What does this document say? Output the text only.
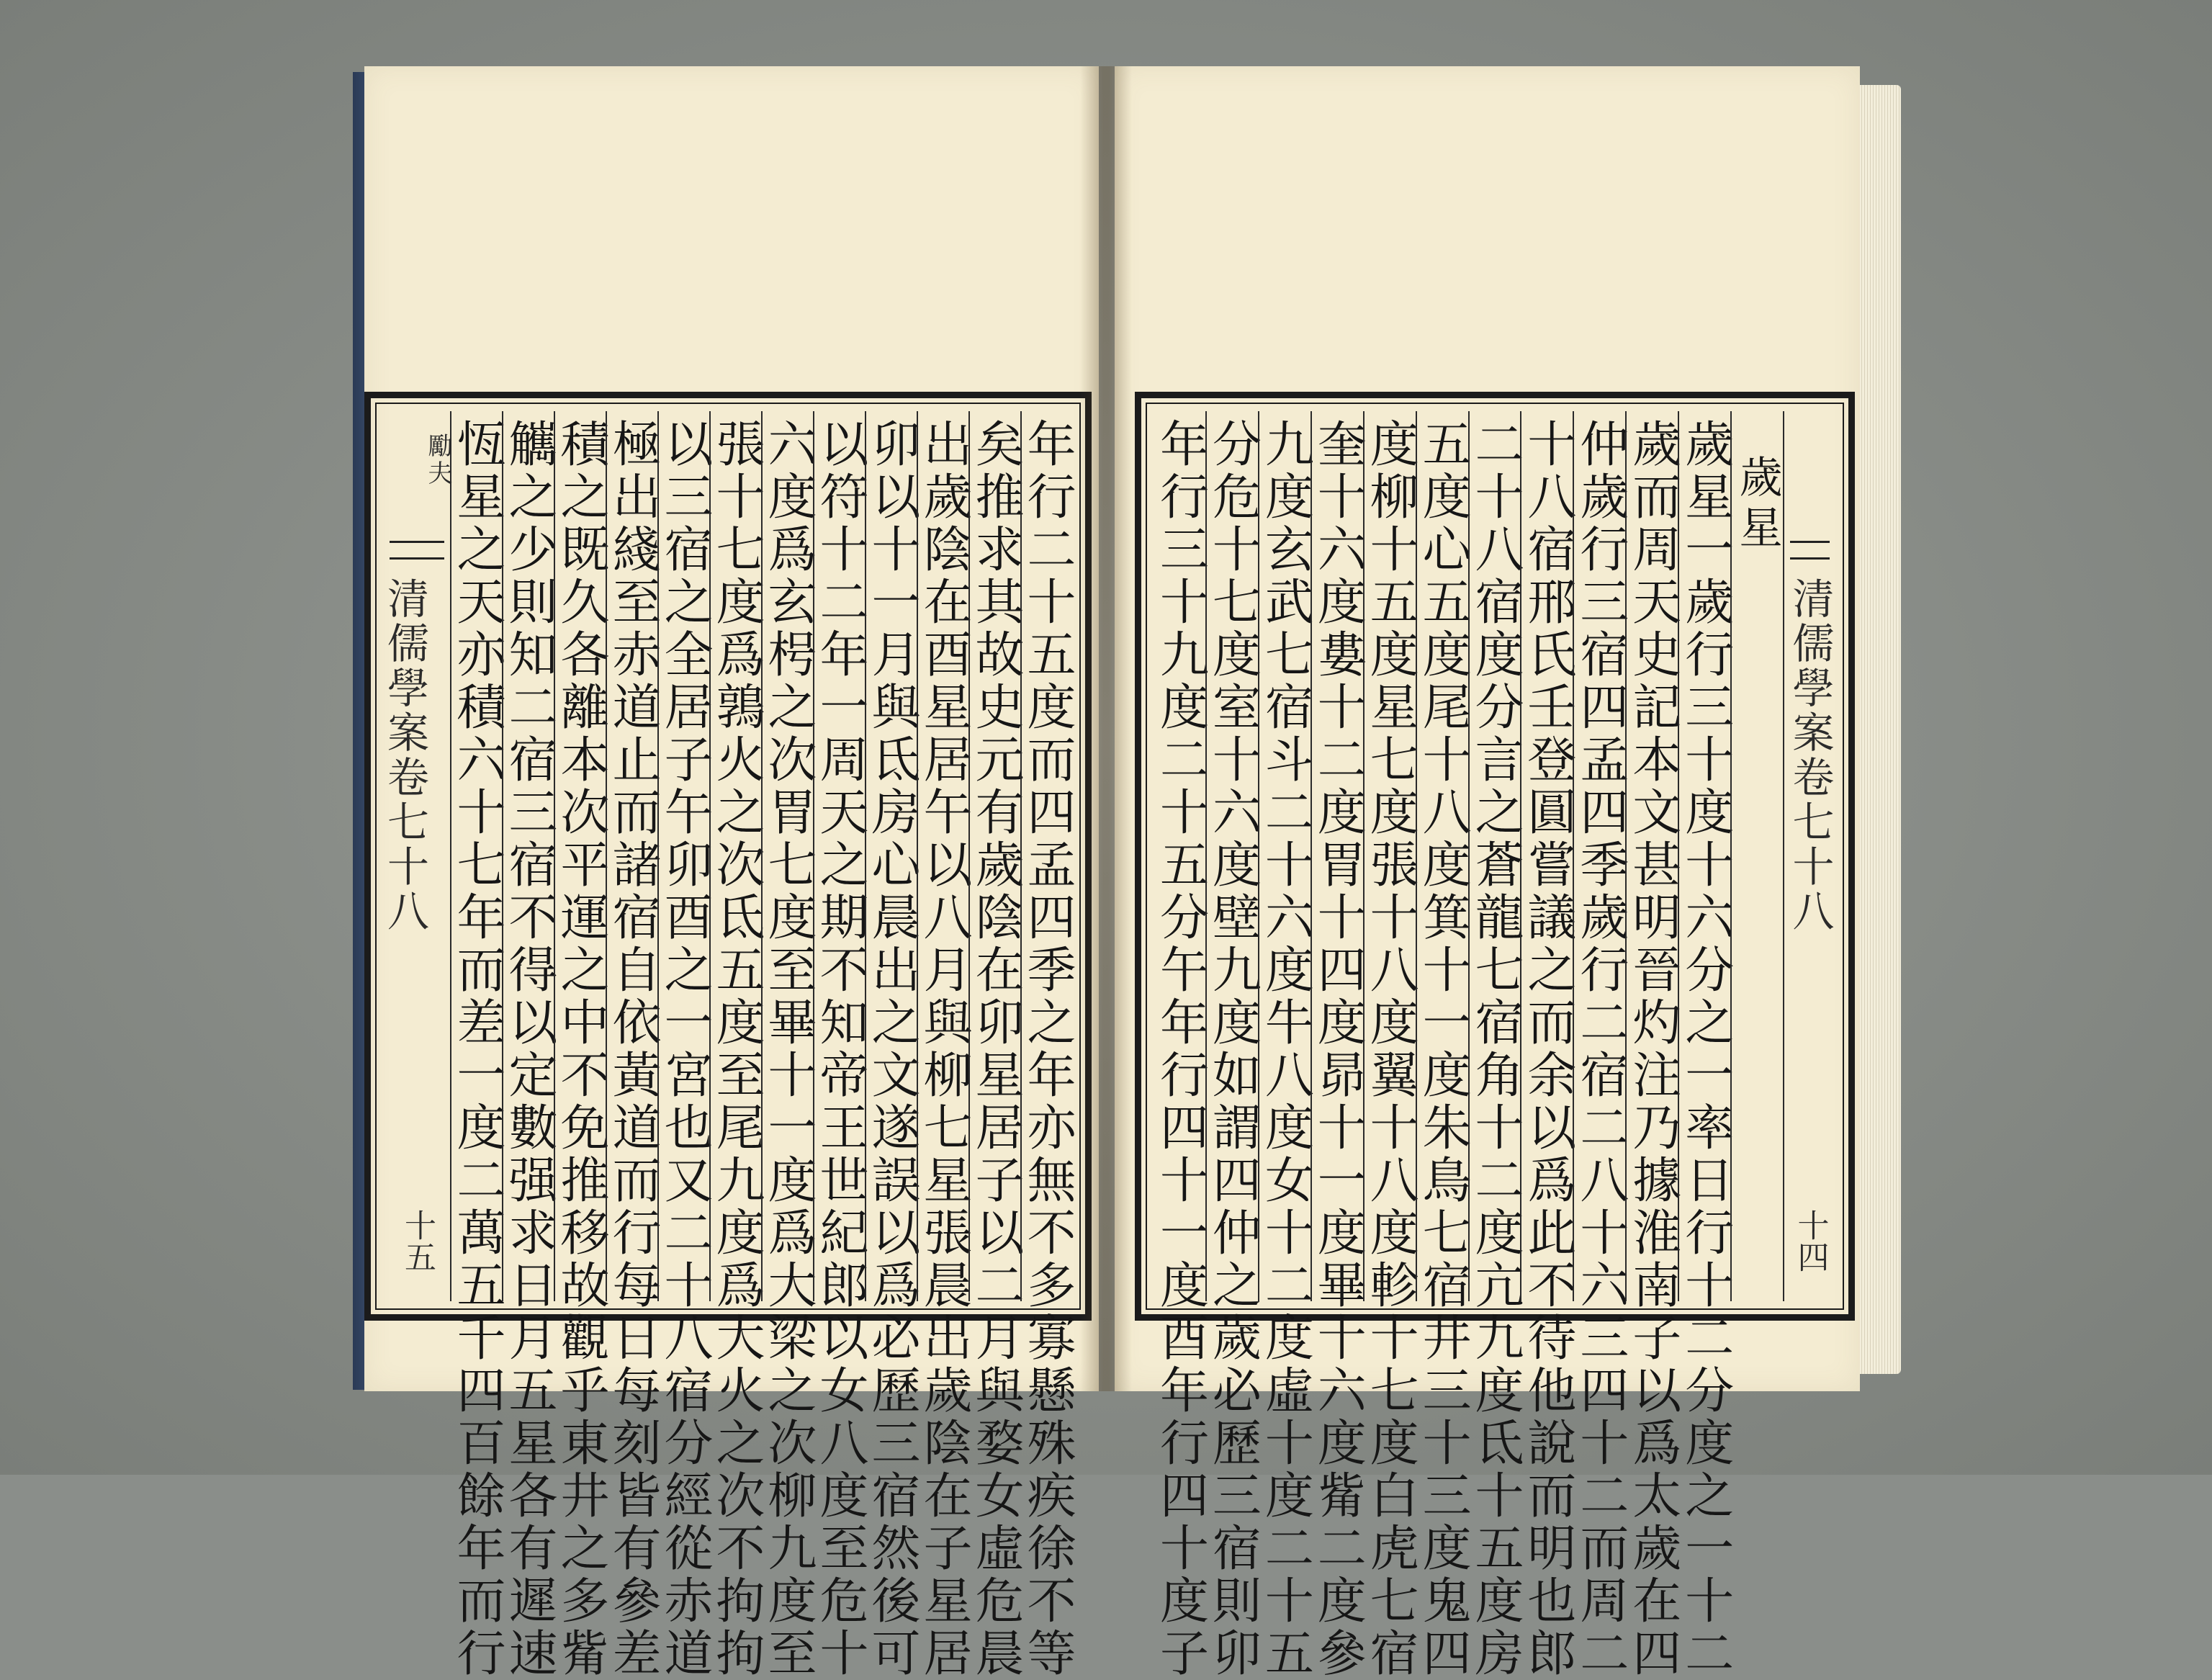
年行二十五度而四孟四季之年亦無不多寡懸殊疾徐不等
矣推求其故史元有歲陰在卯星居子以二月與婺女虛危晨
出歲陰在酉星居午以八月與柳七星張晨出歲陰在子星居
卯以十一月與氐房心晨出之文遂誤以爲必歷三宿然後可
以符十二年一周天之期不知帝王世紀郎以女八度至危十
六度爲玄枵之次胃七度至畢十一度爲大梁之次柳九度至
張十七度爲鶉火之次氐五度至尾九度爲大火之次不拘拘
以三宿之全居子午卯酉之一宮也又二十八宿分經從赤道
極出綫至赤道止而諸宿自依黃道而行每日每刻皆有參差
積之既久各離本次平運之中不免推移故觀乎東井之多觜
觽之少則知二宿三宿不得以定數强求日月五星各有遲速
恆星之天亦積六十七年而差一度二萬五千四百餘年而行
清儒學案卷七十八
勵夫
十五
清儒學案卷七十八
十四
歲星
歲星一歲行三十度十六分之一率日行十二分度之一十二
歲而周天史記本文甚明晉灼注乃據淮南子以爲太歲在四
仲歲行三宿四孟四季歲行二宿二八十六三四十二而周二
十八宿邢氏壬登圓嘗議之而余以爲此不待他說而明也郎
二十八宿度分言之蒼龍七宿角十二度亢九度氐十五度房
五度心五度尾十八度箕十一度朱鳥七宿井三十三度鬼四
度柳十五度星七度張十八度翼十八度軫十七度白虎七宿
奎十六度婁十二度胃十四度昴十一度畢十六度觜二度參
九度玄武七宿斗二十六度牛八度女十二度虛十度二十五
分危十七度室十六度壁九度如謂四仲之歲必歷三宿則卯
年行三十九度二十五分午年行四十一度酉年行四十度子
